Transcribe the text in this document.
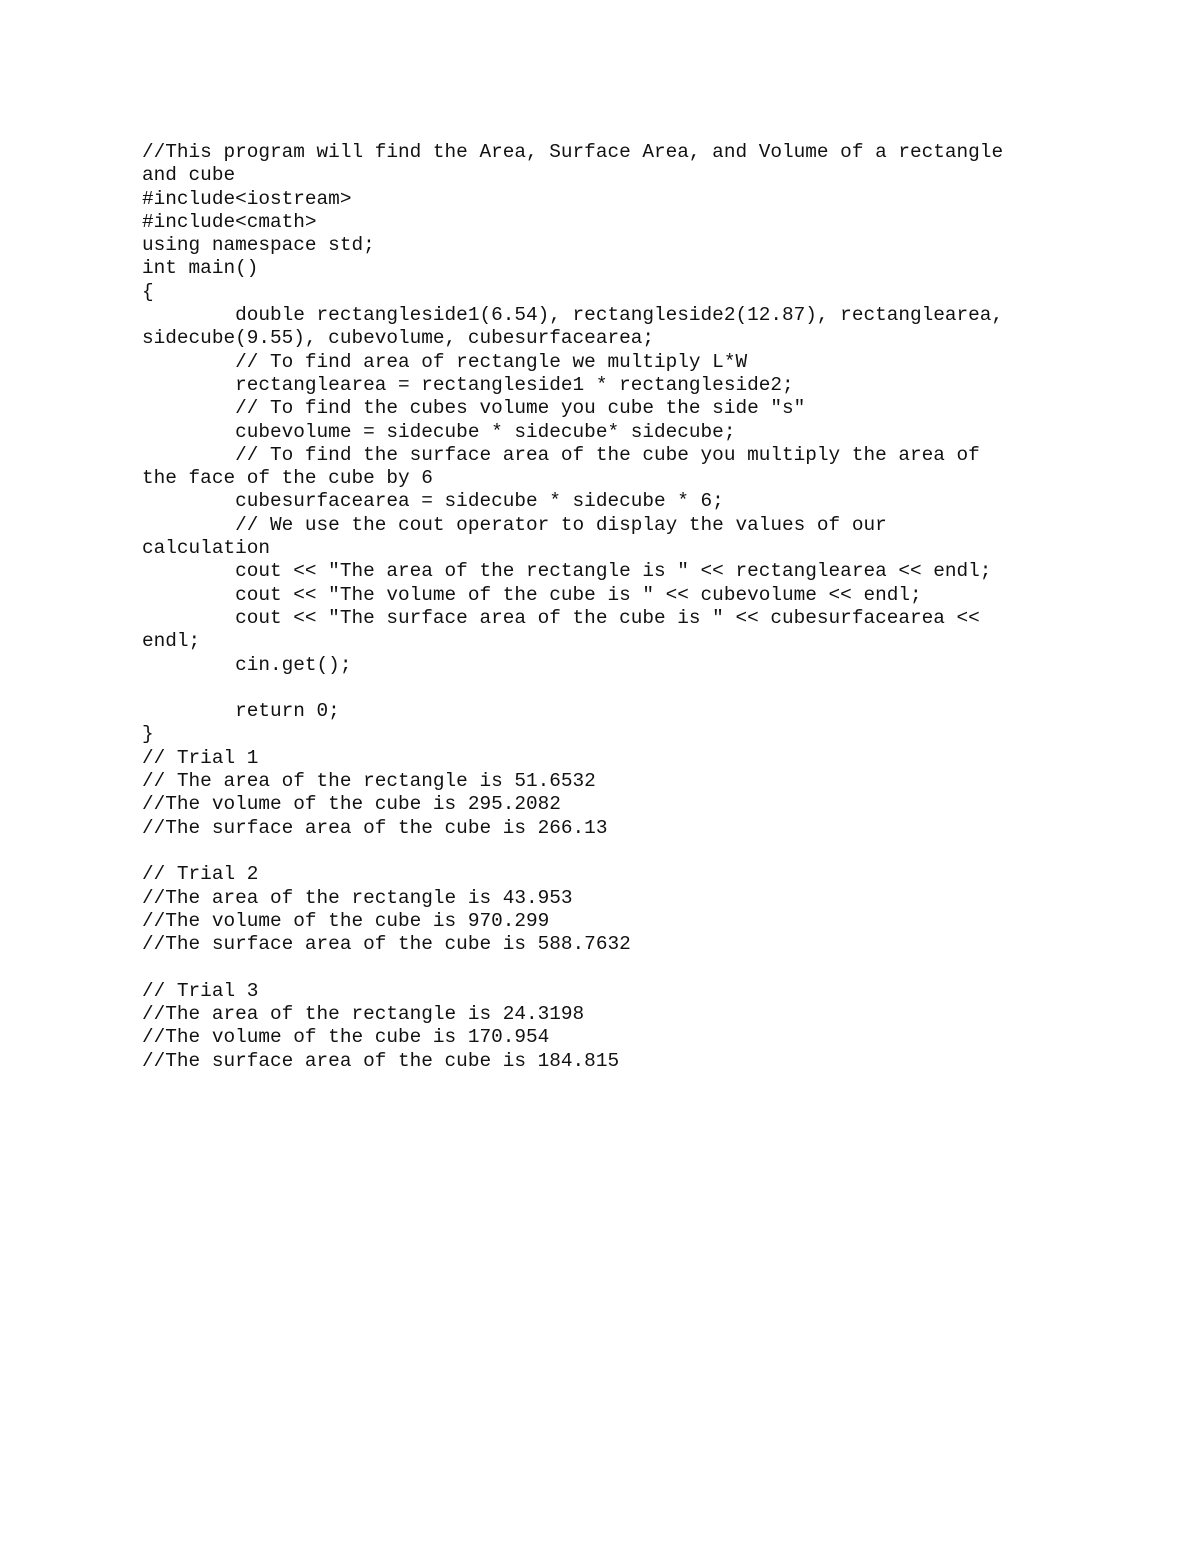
//This program will find the Area, Surface Area, and Volume of a rectangle
and cube
#include<iostream>
#include<cmath>
using namespace std;
int main()
{
double rectangleside1(6.54), rectangleside2(12.87), rectanglearea,
sidecube(9.55), cubevolume, cubesurfacearea;
// To find area of rectangle we multiply L*W
rectanglearea = rectangleside1 * rectangleside2;
// To find the cubes volume you cube the side "s"
cubevolume = sidecube * sidecube* sidecube;
// To find the surface area of the cube you multiply the area of
the face of the cube by 6
cubesurfacearea = sidecube * sidecube * 6;
// We use the cout operator to display the values of our
calculation
cout << "The area of the rectangle is " << rectanglearea << endl;
cout << "The volume of the cube is " << cubevolume << endl;
cout << "The surface area of the cube is " << cubesurfacearea <<
endl;
cin.get();
return 0;
}
// Trial 1
// The area of the rectangle is 51.6532
//The volume of the cube is 295.2082
//The surface area of the cube is 266.13
// Trial 2
//The area of the rectangle is 43.953
//The volume of the cube is 970.299
//The surface area of the cube is 588.7632
// Trial 3
//The area of the rectangle is 24.3198
//The volume of the cube is 170.954
//The surface area of the cube is 184.815
